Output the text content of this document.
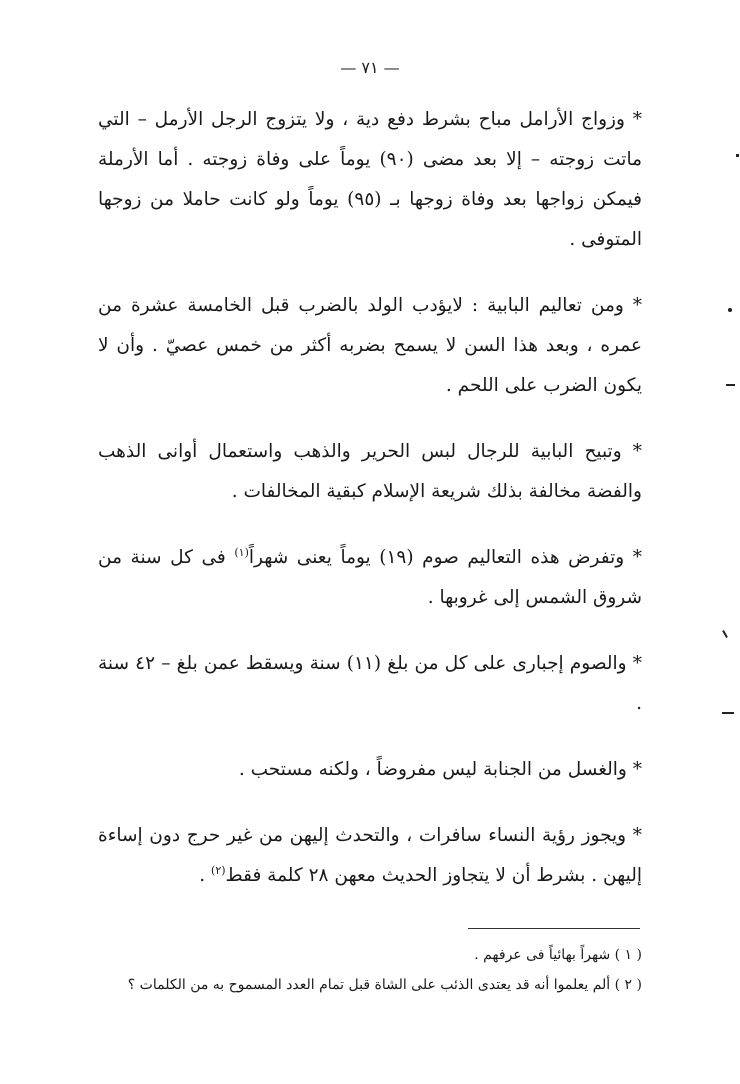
— ٧١ —

* وزواج الأرامل مباح بشرط دفع دية ، ولا يتزوج الرجل الأرمل – التي ماتت زوجته – إلا بعد مضى (٩٠) يوماً على وفاة زوجته . أما الأرملة فيمكن زواجها بعد وفاة زوجها بـ (٩٥) يوماً ولو كانت حاملا من زوجها المتوفى .

* ومن تعاليم البابية : لايؤدب الولد بالضرب قبل الخامسة عشرة من عمره ، وبعد هذا السن لا يسمح بضربه أكثر من خمس عصيّ . وأن لا يكون الضرب على اللحم .

* وتبيح البابية للرجال لبس الحرير والذهب واستعمال أوانى الذهب والفضة مخالفة بذلك شريعة الإسلام كبقية المخالفات .

* وتفرض هذه التعاليم صوم (١٩) يوماً يعنى شهراً$^{(١)}$ فى كل سنة من شروق الشمس إلى غروبها .

* والصوم إجبارى على كل من بلغ (١١) سنة ويسقط عمن بلغ – ٤٢ سنة .

* والغسل من الجنابة ليس مفروضاً ، ولكنه مستحب .

* ويجوز رؤية النساء سافرات ، والتحدث إليهن من غير حرج دون إساءة إليهن . بشرط أن لا يتجاوز الحديث معهن ٢٨ كلمة فقط$^{(٢)}$ .

( ١ ) شهراً بهائياً فى عرفهم .

( ٢ ) ألم يعلموا أنه قد يعتدى الذئب على الشاة قبل تمام العدد المسموح به من الكلمات ؟
